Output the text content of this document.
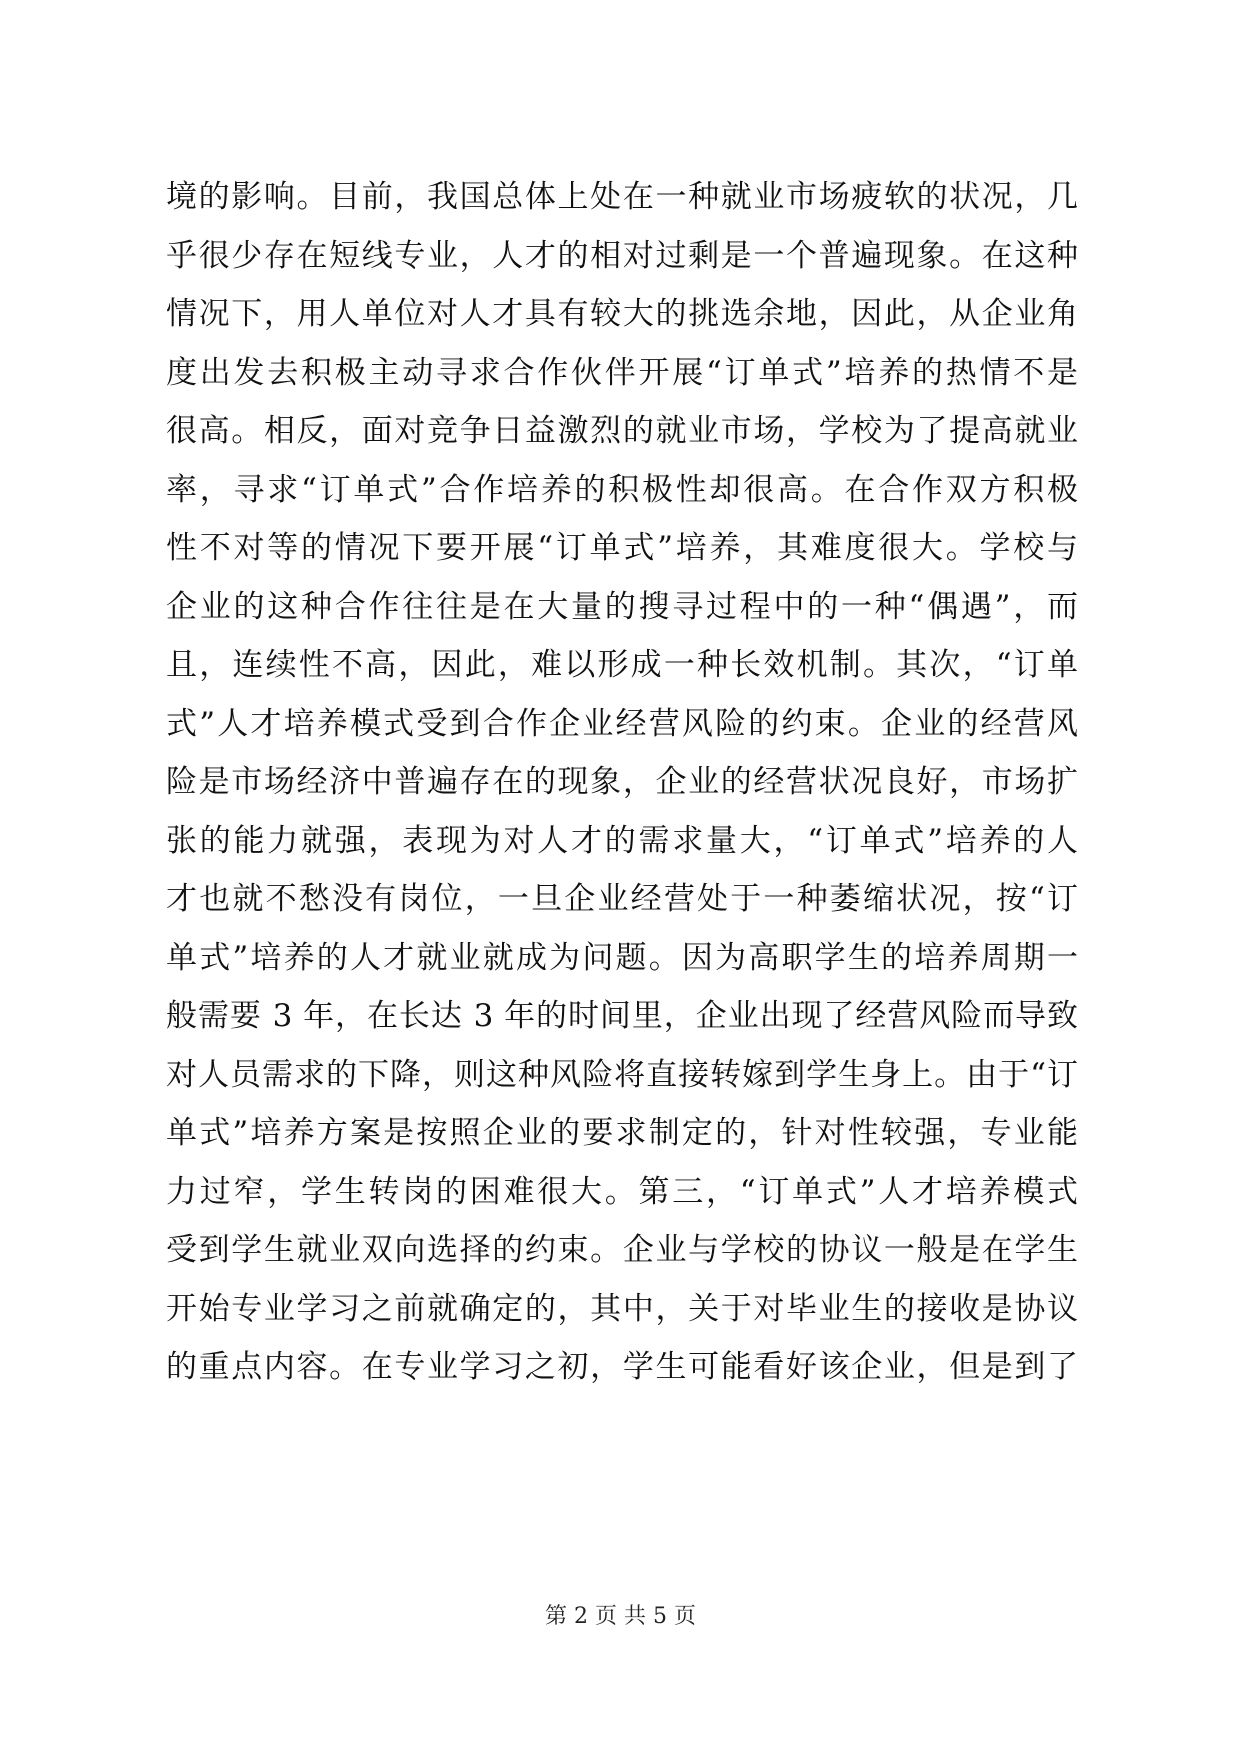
境的影响。目前，我国总体上处在一种就业市场疲软的状况，几
乎很少存在短线专业，人才的相对过剩是一个普遍现象。在这种
情况下，用人单位对人才具有较大的挑选余地，因此，从企业角
度出发去积极主动寻求合作伙伴开展“订单式”培养的热情不是
很高。相反，面对竞争日益激烈的就业市场，学校为了提高就业
率，寻求“订单式”合作培养的积极性却很高。在合作双方积极
性不对等的情况下要开展“订单式”培养，其难度很大。学校与
企业的这种合作往往是在大量的搜寻过程中的一种“偶遇”，而
且，连续性不高，因此，难以形成一种长效机制。其次，“订单
式”人才培养模式受到合作企业经营风险的约束。企业的经营风
险是市场经济中普遍存在的现象，企业的经营状况良好，市场扩
张的能力就强，表现为对人才的需求量大，“订单式”培养的人
才也就不愁没有岗位，一旦企业经营处于一种萎缩状况，按“订
单式”培养的人才就业就成为问题。因为高职学生的培养周期一
般需要 3 年，在长达 3 年的时间里，企业出现了经营风险而导致
对人员需求的下降，则这种风险将直接转嫁到学生身上。由于“订
单式”培养方案是按照企业的要求制定的，针对性较强，专业能
力过窄，学生转岗的困难很大。第三，“订单式”人才培养模式
受到学生就业双向选择的约束。企业与学校的协议一般是在学生
开始专业学习之前就确定的，其中，关于对毕业生的接收是协议
的重点内容。在专业学习之初，学生可能看好该企业，但是到了
第 2 页 共 5 页
